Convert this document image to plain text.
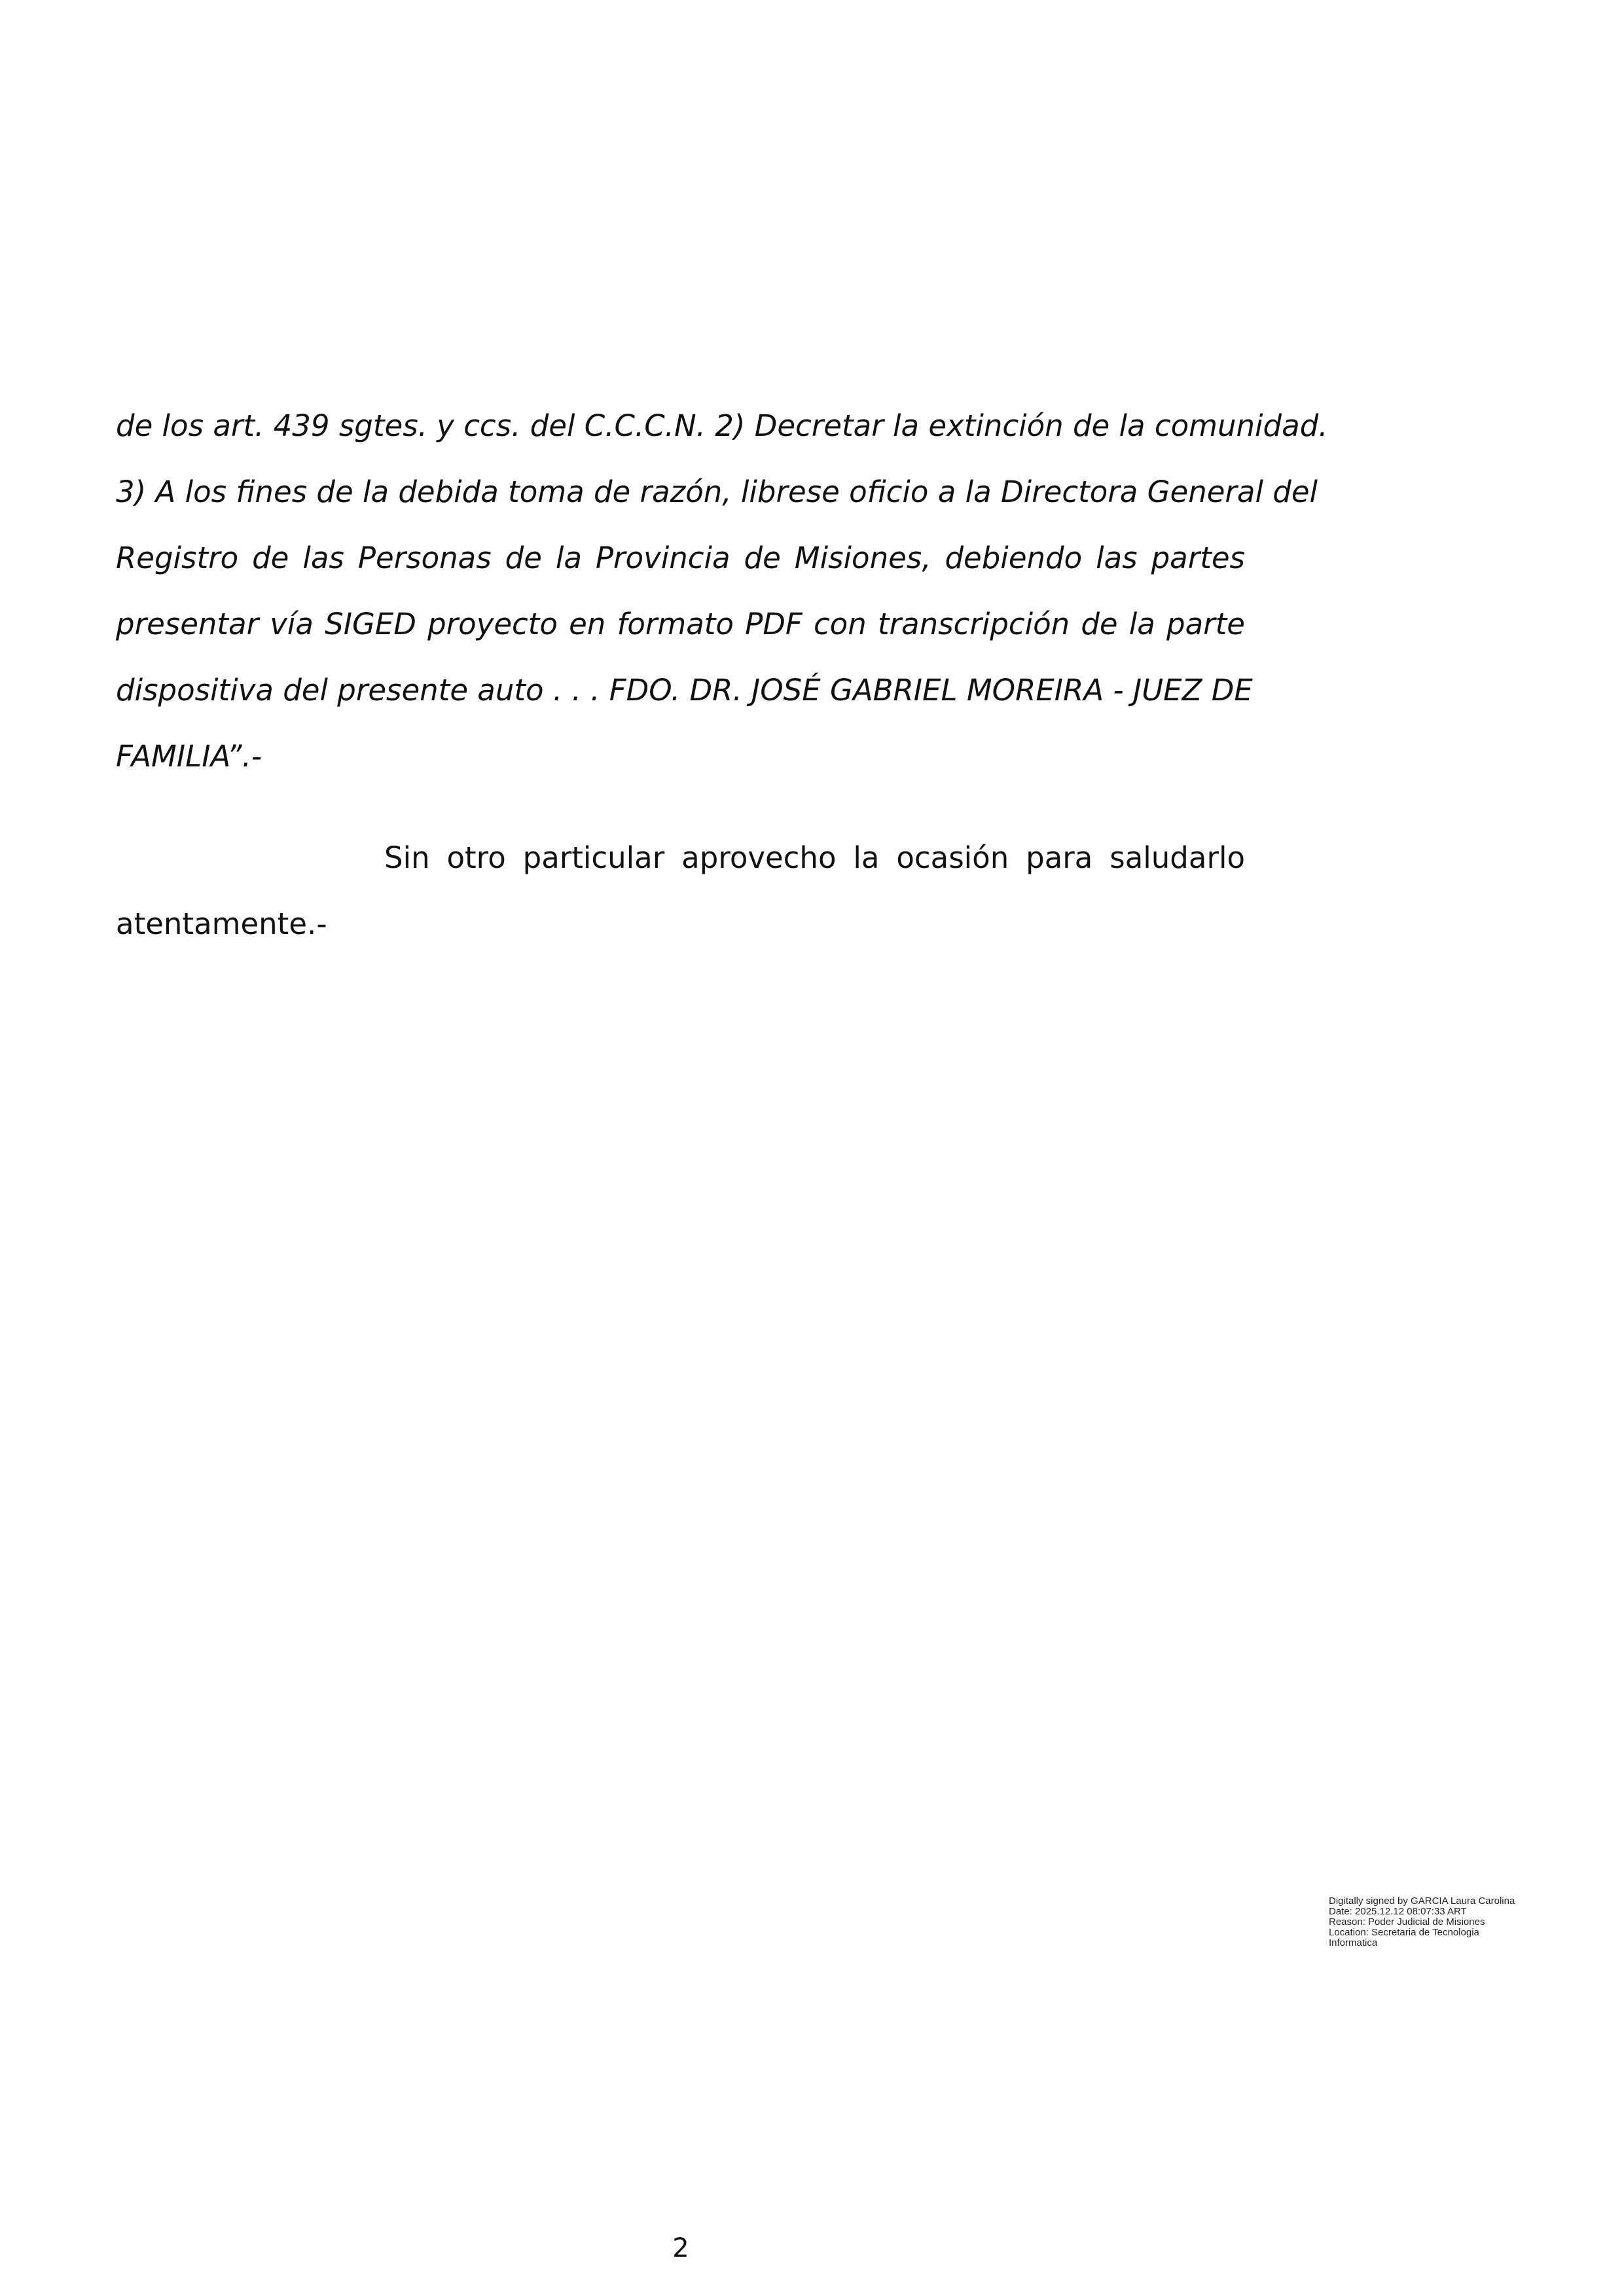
de los art. 439 sgtes. y ccs. del C.C.C.N. 2) Decretar la extinción de la comunidad.
3) A los fines de la debida toma de razón, librese oficio a la Directora General del
Registro de las Personas de la Provincia de Misiones, debiendo las partes
presentar vía SIGED proyecto en formato PDF con transcripción de la parte
dispositiva del presente auto . . . FDO. DR. JOSÉ GABRIEL MOREIRA - JUEZ DE
FAMILIA”.-
Sin otro particular aprovecho la ocasión para saludarlo
atentamente.-
Digitally signed by GARCIA Laura Carolina
Date: 2025.12.12 08:07:33 ART
Reason: Poder Judicial de Misiones
Location: Secretaria de Tecnologia
Informatica
2
